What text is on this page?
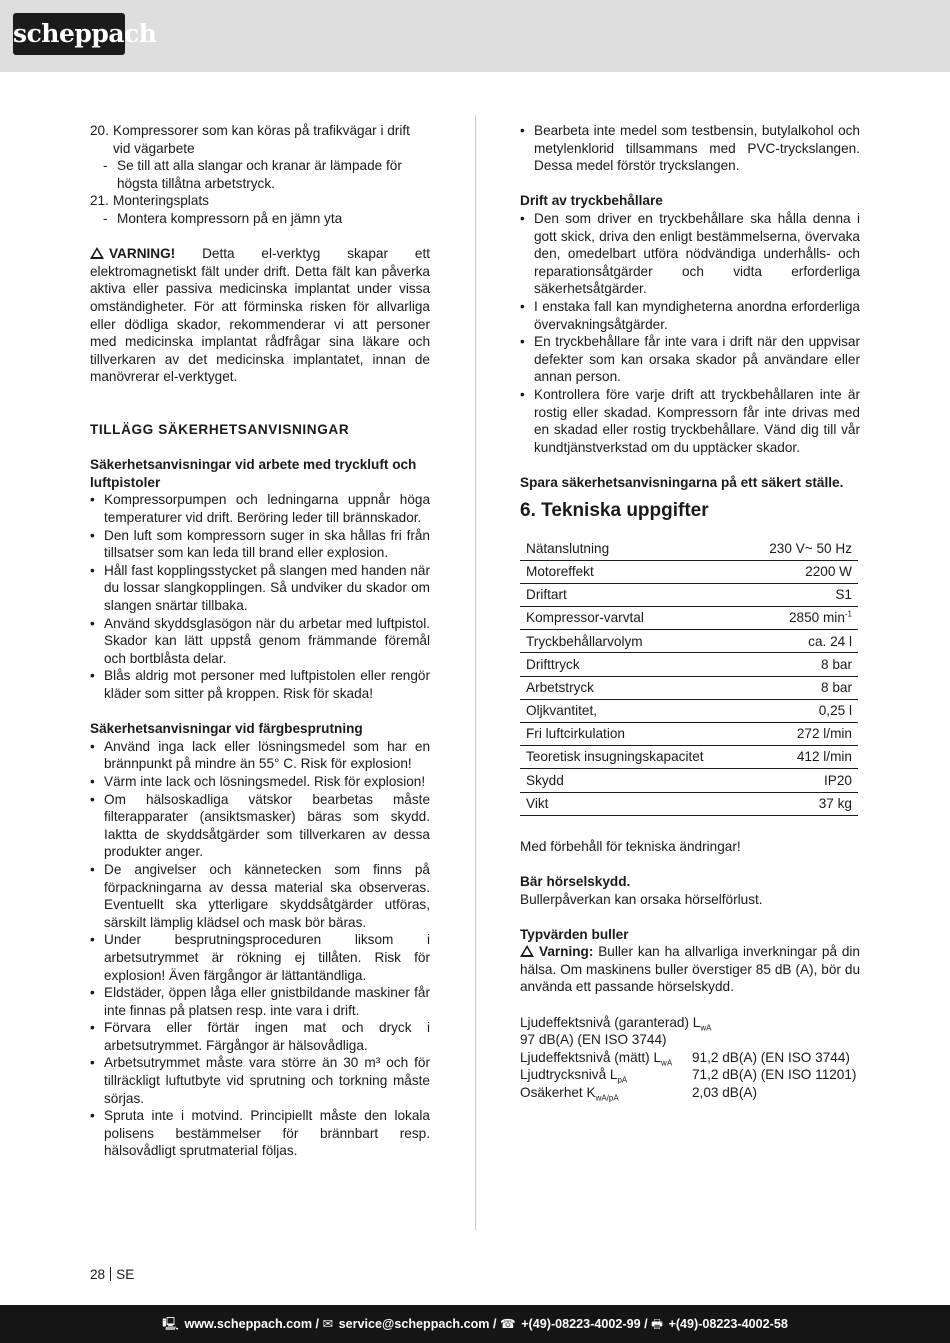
scheppach
20. Kompressorer som kan köras på trafikvägar i drift vid vägarbete
- Se till att alla slangar och kranar är lämpade för högsta tillåtna arbetstryck.
21. Monteringsplats
- Montera kompressorn på en jämn yta

VARNING! Detta el-verktyg skapar ett elektromagnetiskt fält under drift. Detta fält kan påverka aktiva eller passiva medicinska implantat under vissa omständigheter. För att förminska risken för allvarliga eller dödliga skador, rekommenderar vi att personer med medicinska implantat rådfrågar sina läkare och tillverkaren av det medicinska implantatet, innan de manövrerar el-verktyget.

TILLÄGG SÄKERHETSANVISNINGAR

Säkerhetsanvisningar vid arbete med tryckluft och luftpistoler

• Kompressorpumpen och ledningarna uppnår höga temperaturer vid drift. Beröring leder till brännskador.
• Den luft som kompressorn suger in ska hållas fri från tillsatser som kan leda till brand eller explosion.
• Håll fast kopplingsstycket på slangen med handen när du lossar slangkopplingen. Så undviker du skador om slangen snärtar tillbaka.
• Använd skyddsglasögon när du arbetar med luftpistol. Skador kan lätt uppstå genom främmande föremål och bortblåsta delar.
• Blås aldrig mot personer med luftpistolen eller rengör kläder som sitter på kroppen. Risk för skada!

Säkerhetsanvisningar vid färgbesprutning

• Använd inga lack eller lösningsmedel som har en brännpunkt på mindre än 55° C. Risk för explosion!
• Värm inte lack och lösningsmedel. Risk för explosion!
• Om hälsoskadliga vätskor bearbetas måste filterapparater (ansiktsmasker) bäras som skydd. Iaktta de skyddsåtgärder som tillverkaren av dessa produkter anger.
• De angivelser och kännetecken som finns på förpackningarna av dessa material ska observeras. Eventuellt ska ytterligare skyddsåtgärder utföras, särskilt lämplig klädsel och mask bör bäras.
• Under besprutningsproceduren liksom i arbetsutrymmet är rökning ej tillåten. Risk för explosion! Även färgångor är lättantändliga.
• Eldstäder, öppen låga eller gnistbildande maskiner får inte finnas på platsen resp. inte vara i drift.
• Förvara eller förtär ingen mat och dryck i arbetsutrymmet. Färgångor är hälsovådliga.
• Arbetsutrymmet måste vara större än 30 m³ och för tillräckligt luftutbyte vid sprutning och torkning måste sörjas.
• Spruta inte i motvind. Principiellt måste den lokala polisens bestämmelser för brännbart resp. hälsovådligt sprutmaterial följas.
• Bearbeta inte medel som testbensin, butylalkohol och metylenklorid tillsammans med PVC-tryckslangen. Dessa medel förstör tryckslangen.

Drift av tryckbehållare

• Den som driver en tryckbehållare ska hålla denna i gott skick, driva den enligt bestämmelserna, övervaka den, omedelbart utföra nödvändiga underhålls- och reparationsåtgärder och vidta erforderliga säkerhetsåtgärder.
• I enstaka fall kan myndigheterna anordna erforderliga övervakningsåtgärder.
• En tryckbehållare får inte vara i drift när den uppvisar defekter som kan orsaka skador på användare eller annan person.
• Kontrollera före varje drift att tryckbehållaren inte är rostig eller skadad. Kompressorn får inte drivas med en skadad eller rostig tryckbehållare. Vänd dig till vår kundtjänstverkstad om du upptäcker skador.

Spara säkerhetsanvisningarna på ett säkert ställe.

6. Tekniska uppgifter

Nätanslutning	230 V~ 50 Hz
Motoreffekt	2200 W
Driftart	S1
Kompressor-varvtal	2850 $\min^{-1}$
Tryckbehållarvolym	ca. 24 l
Drifttryck	8 bar
Arbetstryck	8 bar
Oljkvantitet,	0,25 l
Fri luftcirkulation	272 l/min
Teoretisk insugningskapacitet	412 l/min
Skydd	IP20
Vikt	37 kg

Med förbehåll för tekniska ändringar!

Bär hörselskydd.

Bullerpåverkan kan orsaka hörselförlust.

Typvärden buller

Varning: Buller kan ha allvarliga inverkningar på din hälsa. Om maskinens buller överstiger 85 dB (A), bör du använda ett passande hörselskydd.

Ljudeffektsnivå (garanterad) $L_{wA}$
97 dB(A) (EN ISO 3744)
Ljudeffektsnivå (mätt) $L_{wA}$	91,2 dB(A) (EN ISO 3744)
Ljudtrycksnivå $L_{pA}$	71,2 dB(A) (EN ISO 11201)
Osäkerhet $K_{wA/pA}$	2,03 dB(A)
28 SE
🖳 www.scheppach.com / ✉ service@scheppach.com / ☎ +(49)-08223-4002-99 / 🖶 +(49)-08223-4002-58
